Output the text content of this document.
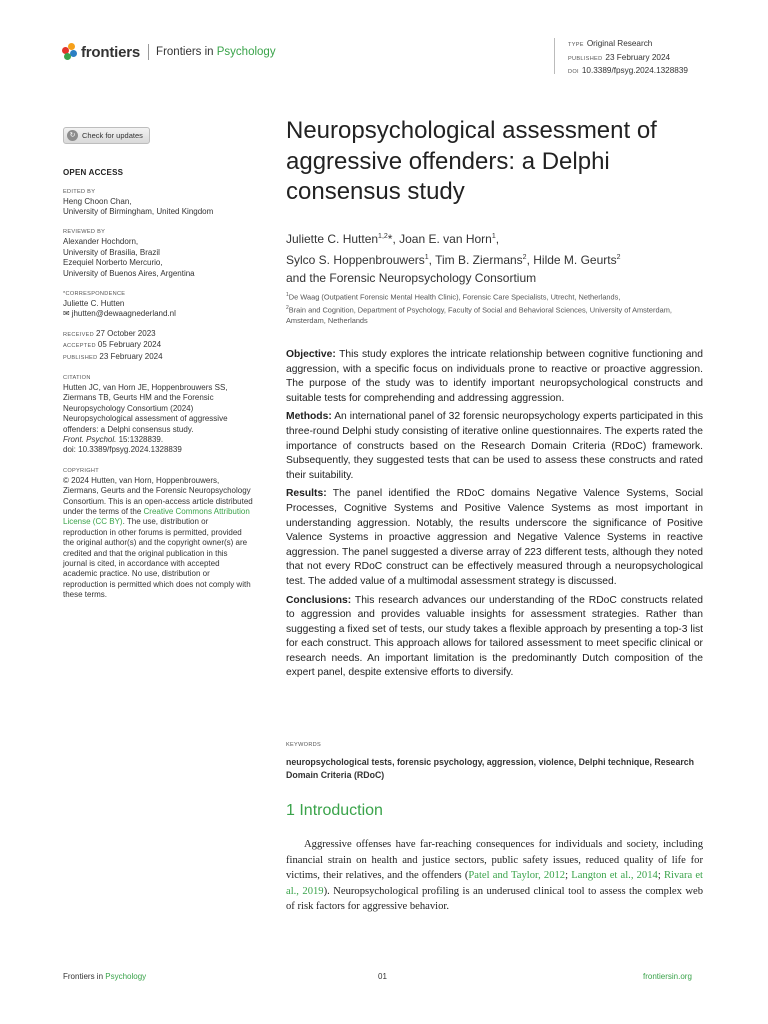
frontiers Frontiers in Psychology
TYPE Original Research
PUBLISHED 23 February 2024
DOI 10.3389/fpsyg.2024.1328839
↻ Check for updates
OPEN ACCESS
EDITED BY
Heng Choon Chan,
University of Birmingham, United Kingdom
REVIEWED BY
Alexander Hochdorn,
University of Brasilia, Brazil
Ezequiel Norberto Mercurio,
University of Buenos Aires, Argentina
*CORRESPONDENCE
Juliette C. Hutten
✉ jhutten@dewaagnederland.nl
RECEIVED 27 October 2023
ACCEPTED 05 February 2024
PUBLISHED 23 February 2024
CITATION
Hutten JC, van Horn JE, Hoppenbrouwers SS,
Ziermans TB, Geurts HM and the Forensic
Neuropsychology Consortium (2024)
Neuropsychological assessment of aggressive
offenders: a Delphi consensus study.
Front. Psychol. 15:1328839.
doi: 10.3389/fpsyg.2024.1328839
COPYRIGHT
© 2024 Hutten, van Horn, Hoppenbrouwers, Ziermans, Geurts and the Forensic Neuropsychology Consortium. This is an open-access article distributed under the terms of the Creative Commons Attribution License (CC BY). The use, distribution or reproduction in other forums is permitted, provided the original author(s) and the copyright owner(s) are credited and that the original publication in this journal is cited, in accordance with accepted academic practice. No use, distribution or reproduction is permitted which does not comply with these terms.
Neuropsychological assessment of aggressive offenders: a Delphi consensus study
Juliette C. Hutten$^{1,2}$*, Joan E. van Horn$^1$,
Sylco S. Hoppenbrouwers$^1$, Tim B. Ziermans$^2$, Hilde M. Geurts$^2$
and the Forensic Neuropsychology Consortium
$^1$De Waag (Outpatient Forensic Mental Health Clinic), Forensic Care Specialists, Utrecht, Netherlands,
$^2$Brain and Cognition, Department of Psychology, Faculty of Social and Behavioral Sciences, University of Amsterdam, Amsterdam, Netherlands

Objective: This study explores the intricate relationship between cognitive functioning and aggression, with a specific focus on individuals prone to reactive or proactive aggression. The purpose of the study was to identify important neuropsychological constructs and suitable tests for comprehending and addressing aggression.

Methods: An international panel of 32 forensic neuropsychology experts participated in this three-round Delphi study consisting of iterative online questionnaires. The experts rated the importance of constructs based on the Research Domain Criteria (RDoC) framework. Subsequently, they suggested tests that can be used to assess these constructs and rated their suitability.

Results: The panel identified the RDoC domains Negative Valence Systems, Social Processes, Cognitive Systems and Positive Valence Systems as most important in understanding aggression. Notably, the results underscore the significance of Positive Valence Systems in proactive aggression and Negative Valence Systems in reactive aggression. The panel suggested a diverse array of 223 different tests, although they noted that not every RDoC construct can be effectively measured through a neuropsychological test. The added value of a multimodal assessment strategy is discussed.

Conclusions: This research advances our understanding of the RDoC constructs related to aggression and provides valuable insights for assessment strategies. Rather than suggesting a fixed set of tests, our study takes a flexible approach by presenting a top-3 list for each construct. This approach allows for tailored assessment to meet specific clinical or research needs. An important limitation is the predominantly Dutch composition of the expert panel, despite extensive efforts to diversify.

KEYWORDS
neuropsychological tests, forensic psychology, aggression, violence, Delphi technique, Research Domain Criteria (RDoC)
1 Introduction
Aggressive offenses have far-reaching consequences for individuals and society, including financial strain on health and justice sectors, public safety issues, reduced quality of life for victims, their relatives, and the offenders (Patel and Taylor, 2012; Langton et al., 2014; Rivara et al., 2019). Neuropsychological profiling is an underused clinical tool to assess the complex web of risk factors for aggressive behavior.
Frontiers in Psychology	01	frontiersin.org
